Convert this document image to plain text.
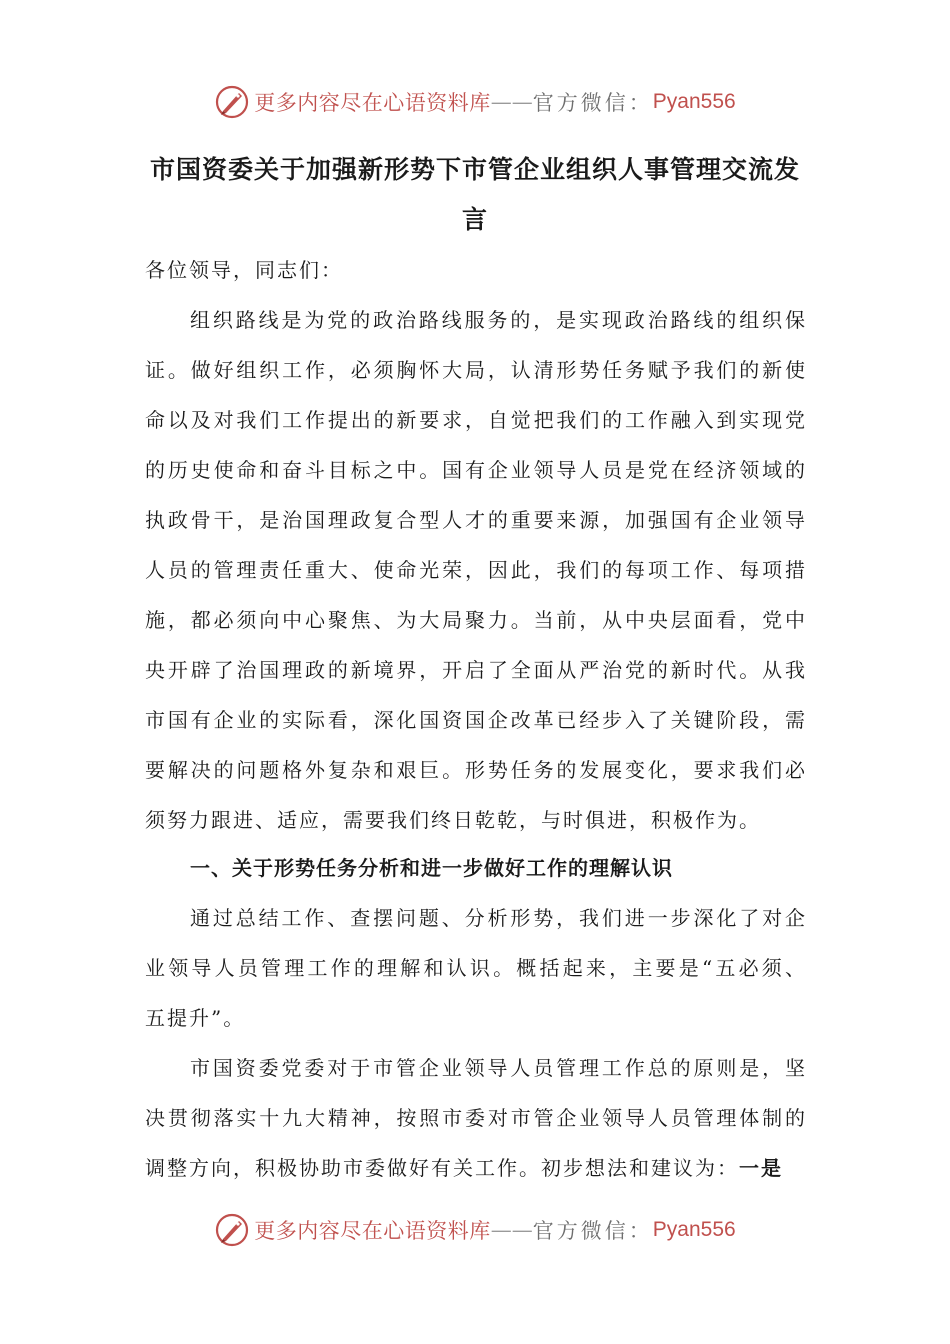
更多内容尽在心语资料库 —— 官方微信： Pyan556
市国资委关于加强新形势下市管企业组织人事管理交流发
言
各位领导，同志们：
组织路线是为党的政治路线服务的，是实现政治路线的组织保
证。做好组织工作，必须胸怀大局，认清形势任务赋予我们的新使
命以及对我们工作提出的新要求，自觉把我们的工作融入到实现党
的历史使命和奋斗目标之中。国有企业领导人员是党在经济领域的
执政骨干，是治国理政复合型人才的重要来源，加强国有企业领导
人员的管理责任重大、使命光荣，因此，我们的每项工作、每项措
施，都必须向中心聚焦、为大局聚力。当前，从中央层面看，党中
央开辟了治国理政的新境界，开启了全面从严治党的新时代。从我
市国有企业的实际看，深化国资国企改革已经步入了关键阶段，需
要解决的问题格外复杂和艰巨。形势任务的发展变化，要求我们必
须努力跟进、适应，需要我们终日乾乾，与时俱进，积极作为。
一、关于形势任务分析和进一步做好工作的理解认识
通过总结工作、查摆问题、分析形势，我们进一步深化了对企
业领导人员管理工作的理解和认识。概括起来，主要是“五必须、
五提升”。
市国资委党委对于市管企业领导人员管理工作总的原则是，坚
决贯彻落实十九大精神，按照市委对市管企业领导人员管理体制的
调整方向，积极协助市委做好有关工作。初步想法和建议为：一是
更多内容尽在心语资料库 —— 官方微信： Pyan556
